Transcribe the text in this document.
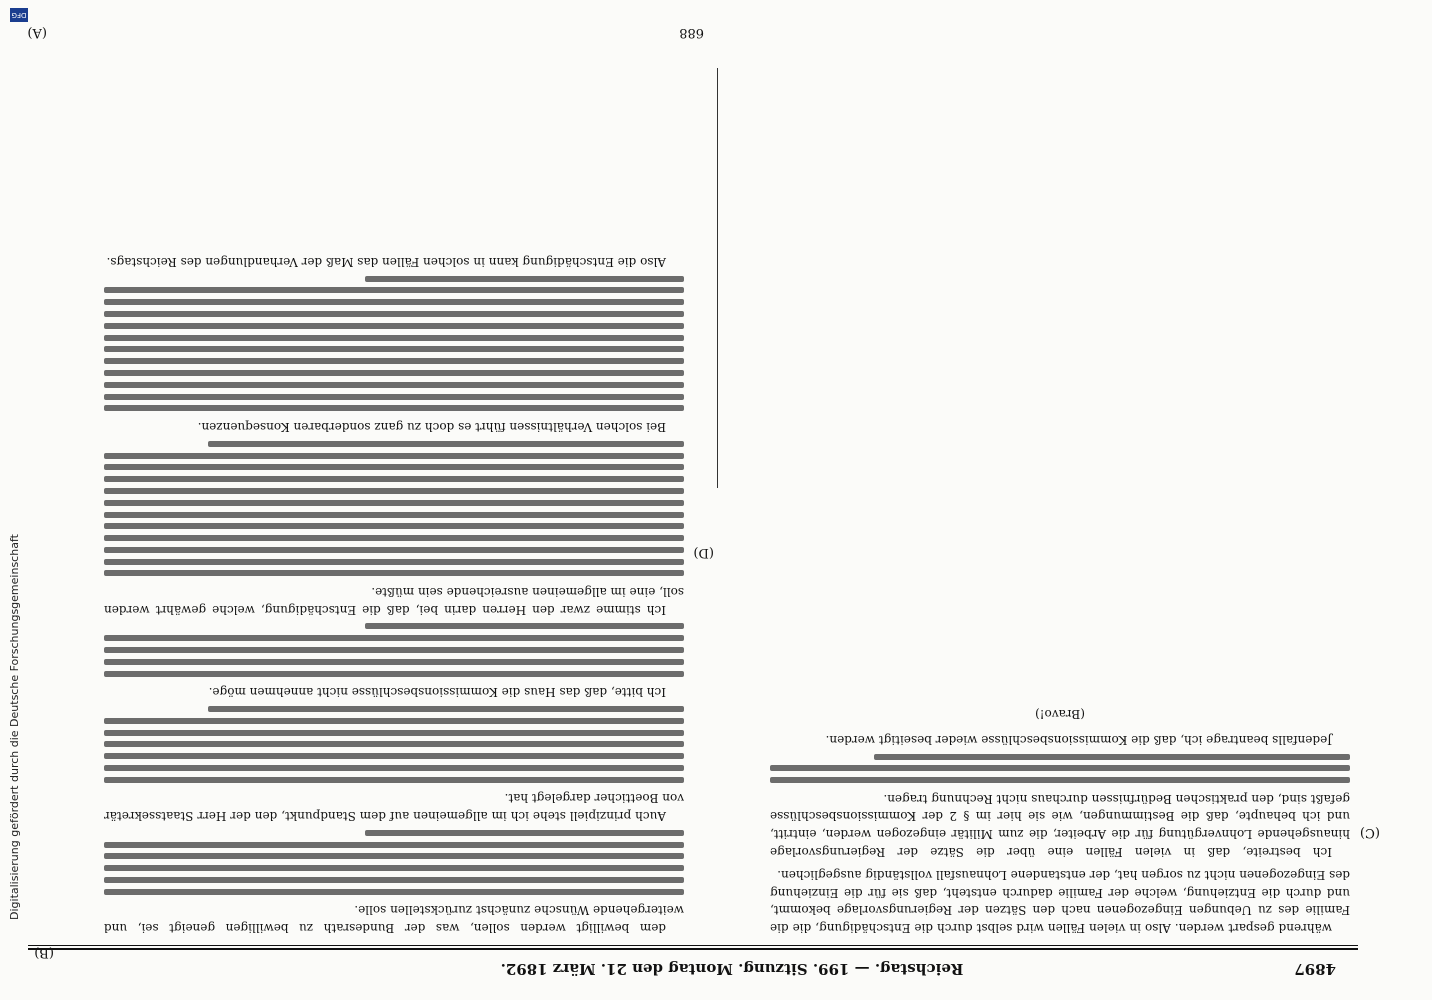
4897
Reichstag. — 199. Sitzung. Montag den 21. März 1892.

während gespart werden. Also in vielen Fällen wird selbst durch die Entschädigung, die die Familie des zu Uebungen Eingezogenen nach den Sätzen der Regierungsvorlage bekommt, und durch die Entziehung, welche der Familie dadurch entsteht, daß sie für die Einziehung des Eingezogenen nicht zu sorgen hat, der entstandene Lohnausfall vollständig ausgeglichen.

Ich bestreite, daß in vielen Fällen eine über die Sätze der Regierungsvorlage hinausgehende Lohnvergütung für die Arbeiter, die zum Militär eingezogen werden, eintritt, und ich behaupte, daß die Bestimmungen, wie sie hier im § 2 der Kommissionsbeschlüsse gefaßt sind, den praktischen Bedürfnissen durchaus nicht Rechnung tragen.

Jedenfalls beantrage ich, daß die Kommissionsbeschlüsse wieder beseitigt werden.

(Bravo!)

dem bewilligt werden sollen, was der Bundesrath zu bewilligen geneigt sei, und weitergehende Wünsche zunächst zurückstellen solle.

Auch prinzipiell stehe ich im allgemeinen auf dem Standpunkt, den der Herr Staatssekretär von Boetticher dargelegt hat.

Ich bitte, daß das Haus die Kommissionsbeschlüsse nicht annehmen möge.

Ich stimme zwar den Herren darin bei, daß die Entschädigung, welche gewährt werden soll, eine im allgemeinen ausreichende sein müßte.

Bei solchen Verhältnissen führt es doch zu ganz sonderbaren Konsequenzen.

Also die Entschädigung kann in solchen Fällen das Maß der Verhandlungen des Reichstags.

(C)
(D)
(B)
(A)	688
Digitalisierung gefördert durch die Deutsche Forschungsgemeinschaft
DFG
